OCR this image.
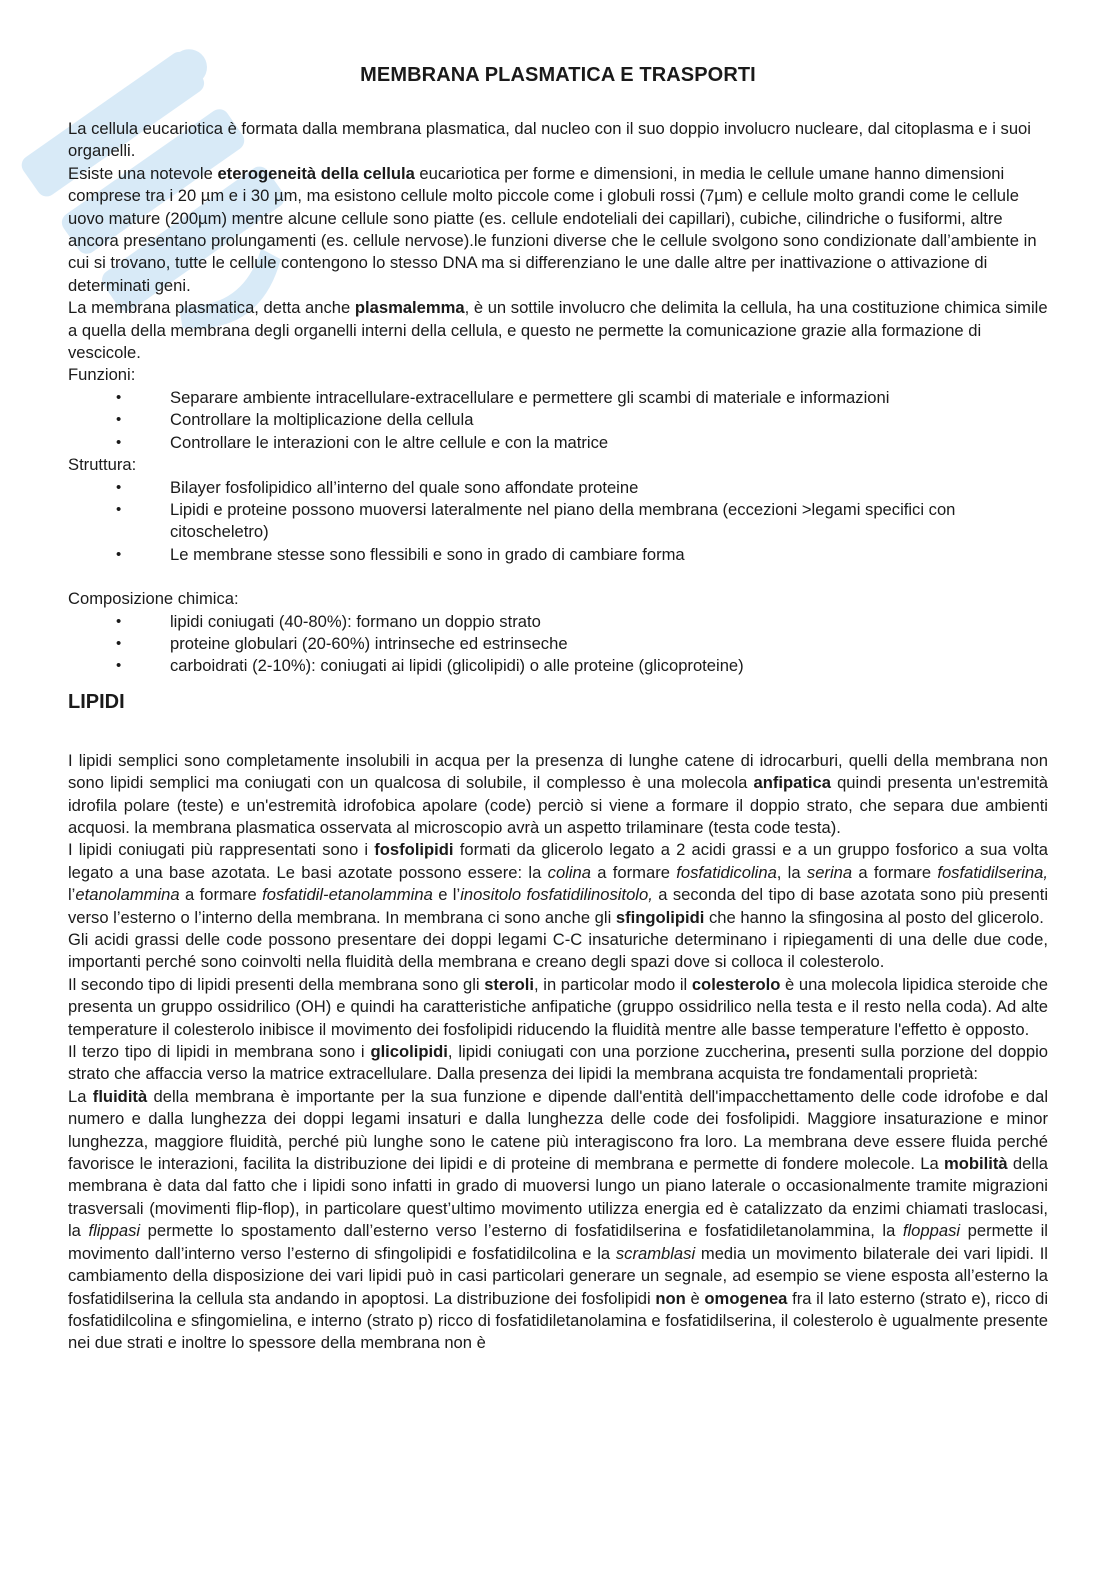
MEMBRANA PLASMATICA E TRASPORTI

La cellula eucariotica è formata dalla membrana plasmatica, dal nucleo con il suo doppio involucro nucleare, dal citoplasma e i suoi organelli.

Esiste una notevole eterogeneità della cellula eucariotica per forme e dimensioni, in media le cellule umane hanno dimensioni comprese tra i 20 µm e i 30 µm, ma esistono cellule molto piccole come i globuli rossi (7µm) e cellule molto grandi come le cellule uovo mature (200µm) mentre alcune cellule sono piatte (es. cellule endoteliali dei capillari), cubiche, cilindriche o fusiformi, altre ancora presentano prolungamenti (es. cellule nervose).le funzioni diverse che le cellule svolgono sono condizionate dall’ambiente in cui si trovano, tutte le cellule contengono lo stesso DNA ma si differenziano le une dalle altre per inattivazione o attivazione di determinati geni.

La membrana plasmatica, detta anche plasmalemma, è un sottile involucro che delimita la cellula, ha una costituzione chimica simile a quella della membrana degli organelli interni della cellula, e questo ne permette la comunicazione grazie alla formazione di vescicole.

Funzioni:

• Separare ambiente intracellulare-extracellulare e permettere gli scambi di materiale e informazioni
• Controllare la moltiplicazione della cellula
• Controllare le interazioni con le altre cellule e con la matrice

Struttura:

• Bilayer fosfolipidico all’interno del quale sono affondate proteine
• Lipidi e proteine possono muoversi lateralmente nel piano della membrana (eccezioni >legami specifici con citoscheletro)
• Le membrane stesse sono flessibili e sono in grado di cambiare forma

Composizione chimica:

• lipidi coniugati (40-80%): formano un doppio strato
• proteine globulari (20-60%) intrinseche ed estrinseche
• carboidrati (2-10%): coniugati ai lipidi (glicolipidi) o alle proteine (glicoproteine)
LIPIDI

I lipidi semplici sono completamente insolubili in acqua per la presenza di lunghe catene di idrocarburi, quelli della membrana non sono lipidi semplici ma coniugati con un qualcosa di solubile, il complesso è una molecola anfipatica quindi presenta un'estremità idrofila polare (teste) e un'estremità idrofobica apolare (code) perciò si viene a formare il doppio strato, che separa due ambienti acquosi. la membrana plasmatica osservata al microscopio avrà un aspetto trilaminare (testa code testa).

I lipidi coniugati più rappresentati sono i fosfolipidi formati da glicerolo legato a 2 acidi grassi e a un gruppo fosforico a sua volta legato a una base azotata. Le basi azotate possono essere: la colina a formare fosfatidicolina, la serina a formare fosfatidilserina, l’etanolammina a formare fosfatidil-etanolammina e l’inositolo fosfatidilinositolo, a seconda del tipo di base azotata sono più presenti verso l’esterno o l’interno della membrana. In membrana ci sono anche gli sfingolipidi che hanno la sfingosina al posto del glicerolo.

Gli acidi grassi delle code possono presentare dei doppi legami C-C insaturiche determinano i ripiegamenti di una delle due code, importanti perché sono coinvolti nella fluidità della membrana e creano degli spazi dove si colloca il colesterolo.

Il secondo tipo di lipidi presenti della membrana sono gli steroli, in particolar modo il colesterolo è una molecola lipidica steroide che presenta un gruppo ossidrilico (OH) e quindi ha caratteristiche anfipatiche (gruppo ossidrilico nella testa e il resto nella coda). Ad alte temperature il colesterolo inibisce il movimento dei fosfolipidi riducendo la fluidità mentre alle basse temperature l'effetto è opposto.

Il terzo tipo di lipidi in membrana sono i glicolipidi, lipidi coniugati con una porzione zuccherina, presenti sulla porzione del doppio strato che affaccia verso la matrice extracellulare. Dalla presenza dei lipidi la membrana acquista tre fondamentali proprietà:

La fluidità della membrana è importante per la sua funzione e dipende dall'entità dell'impacchettamento delle code idrofobe e dal numero e dalla lunghezza dei doppi legami insaturi e dalla lunghezza delle code dei fosfolipidi. Maggiore insaturazione e minor lunghezza, maggiore fluidità, perché più lunghe sono le catene più interagiscono fra loro. La membrana deve essere fluida perché favorisce le interazioni, facilita la distribuzione dei lipidi e di proteine di membrana e permette di fondere molecole. La mobilità della membrana è data dal fatto che i lipidi sono infatti in grado di muoversi lungo un piano laterale o occasionalmente tramite migrazioni trasversali (movimenti flip-flop), in particolare quest’ultimo movimento utilizza energia ed è catalizzato da enzimi chiamati traslocasi, la flippasi permette lo spostamento dall’esterno verso l’esterno di fosfatidilserina e fosfatidiletanolammina, la floppasi permette il movimento dall’interno verso l’esterno di sfingolipidi e fosfatidilcolina e la scramblasi media un movimento bilaterale dei vari lipidi. Il cambiamento della disposizione dei vari lipidi può in casi particolari generare un segnale, ad esempio se viene esposta all’esterno la fosfatidilserina la cellula sta andando in apoptosi. La distribuzione dei fosfolipidi non è omogenea fra il lato esterno (strato e), ricco di fosfatidilcolina e sfingomielina, e interno (strato p) ricco di fosfatidiletanolamina e fosfatidilserina, il colesterolo è ugualmente presente nei due strati e inoltre lo spessore della membrana non è
